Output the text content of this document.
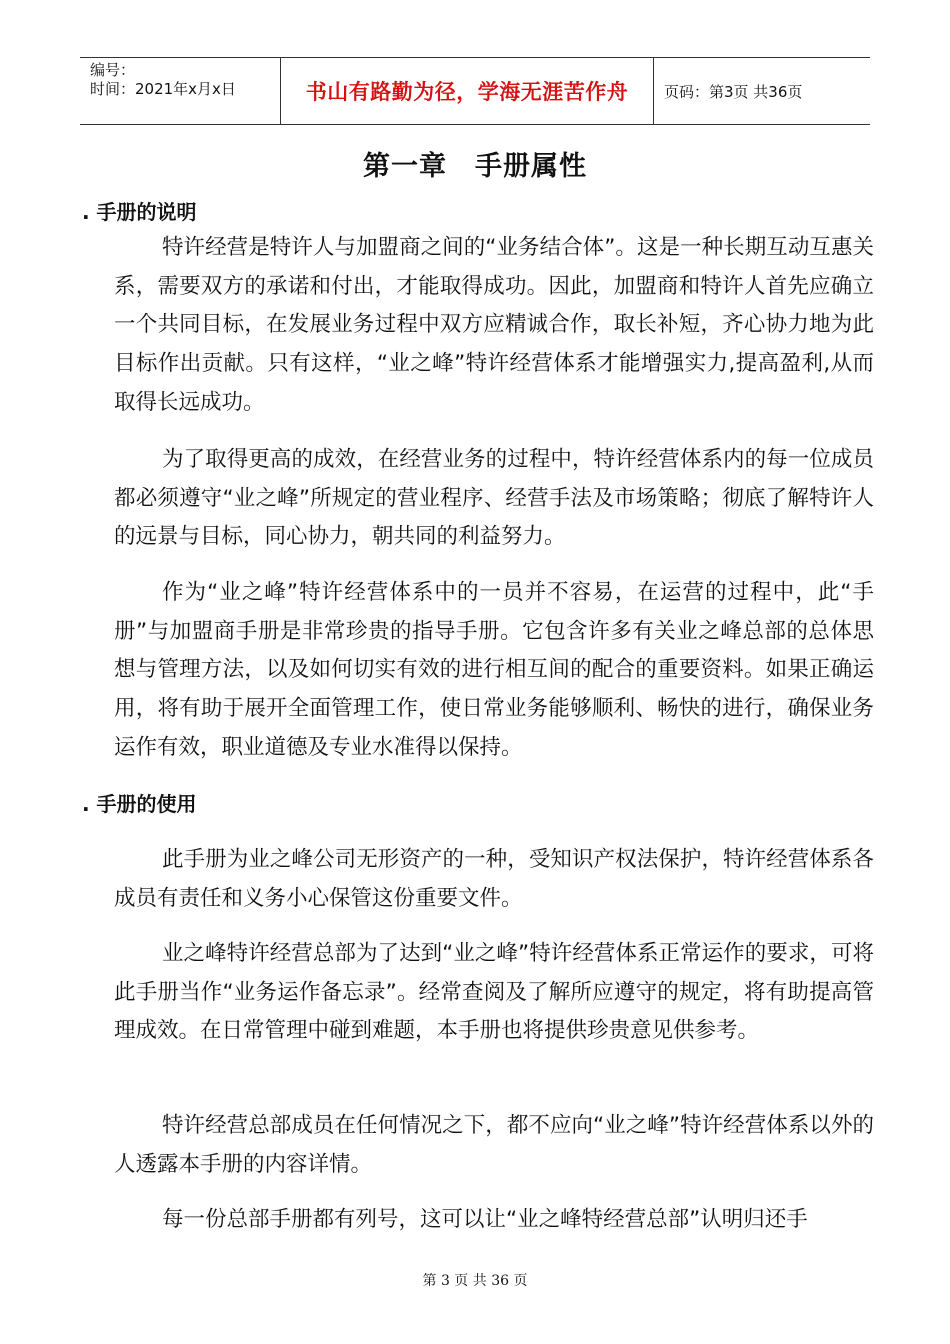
编号：
时间：2021年x月x日	书山有路勤为径，学海无涯苦作舟	页码：第3页 共36页
第一章　手册属性
. 手册的说明

特许经营是特许人与加盟商之间的“业务结合体”。这是一种长期互动互惠关系，需要双方的承诺和付出，才能取得成功。因此，加盟商和特许人首先应确立一个共同目标，在发展业务过程中双方应精诚合作，取长补短，齐心协力地为此目标作出贡献。只有这样，“业之峰”特许经营体系才能增强实力,提高盈利,从而取得长远成功。

为了取得更高的成效，在经营业务的过程中，特许经营体系内的每一位成员都必须遵守“业之峰”所规定的营业程序、经营手法及市场策略；彻底了解特许人的远景与目标，同心协力，朝共同的利益努力。

作为“业之峰”特许经营体系中的一员并不容易，在运营的过程中，此“手册”与加盟商手册是非常珍贵的指导手册。它包含许多有关业之峰总部的总体思想与管理方法，以及如何切实有效的进行相互间的配合的重要资料。如果正确运用，将有助于展开全面管理工作，使日常业务能够顺利、畅快的进行，确保业务运作有效，职业道德及专业水准得以保持。

. 手册的使用

此手册为业之峰公司无形资产的一种，受知识产权法保护，特许经营体系各成员有责任和义务小心保管这份重要文件。

业之峰特许经营总部为了达到“业之峰”特许经营体系正常运作的要求，可将此手册当作“业务运作备忘录”。经常查阅及了解所应遵守的规定，将有助提高管理成效。在日常管理中碰到难题，本手册也将提供珍贵意见供参考。

特许经营总部成员在任何情况之下，都不应向“业之峰”特许经营体系以外的人透露本手册的内容详情。

每一份总部手册都有列号，这可以让“业之峰特经营总部”认明归还手

第 3 页 共 36 页
